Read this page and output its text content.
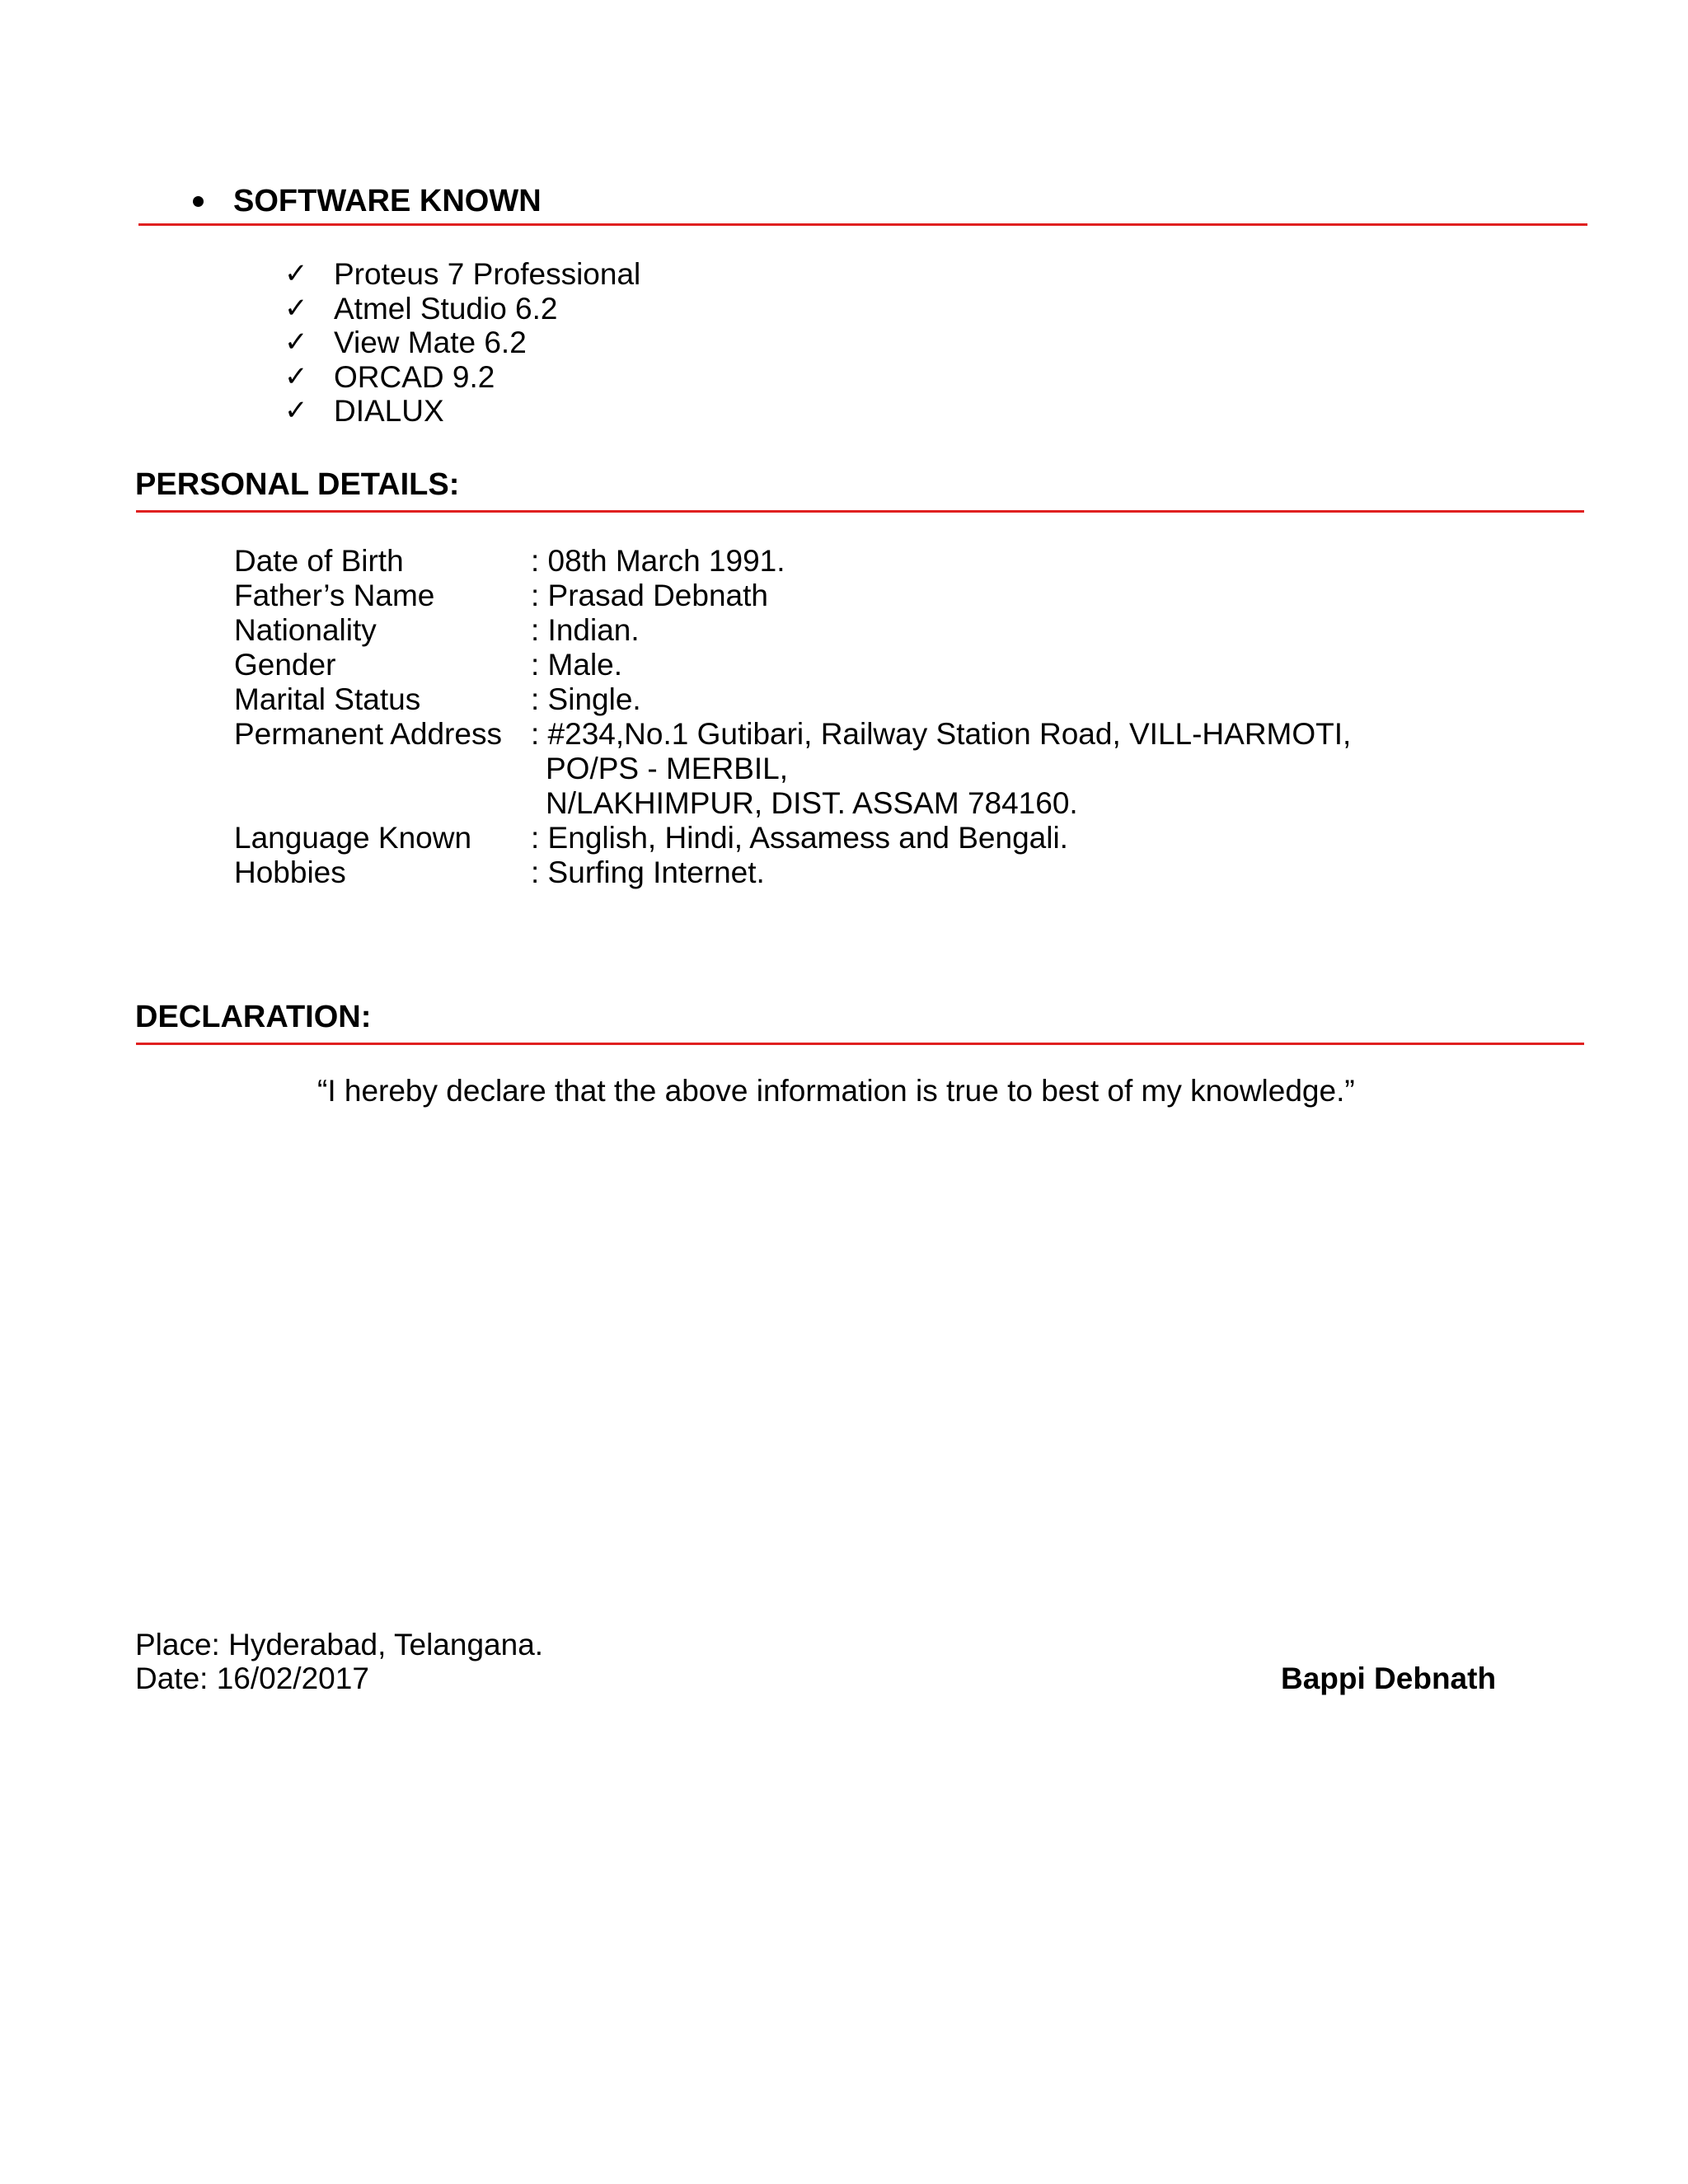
SOFTWARE KNOWN
✓ Proteus 7 Professional
✓ Atmel Studio 6.2
✓ View Mate 6.2
✓ ORCAD 9.2
✓ DIALUX
PERSONAL DETAILS:
Date of Birth	: 08th March 1991.
Father’s Name	: Prasad Debnath
Nationality	: Indian.
Gender	: Male.
Marital Status	: Single.
Permanent Address : #234,No.1 Gutibari, Railway Station Road, VILL-HARMOTI,
PO/PS - MERBIL,
N/LAKHIMPUR, DIST. ASSAM 784160.
Language Known	: English, Hindi, Assamess and Bengali.
Hobbies	: Surfing Internet.
DECLARATION:
“I hereby declare that the above information is true to best of my knowledge.”
Place: Hyderabad, Telangana.
Date: 16/02/2017	Bappi Debnath
